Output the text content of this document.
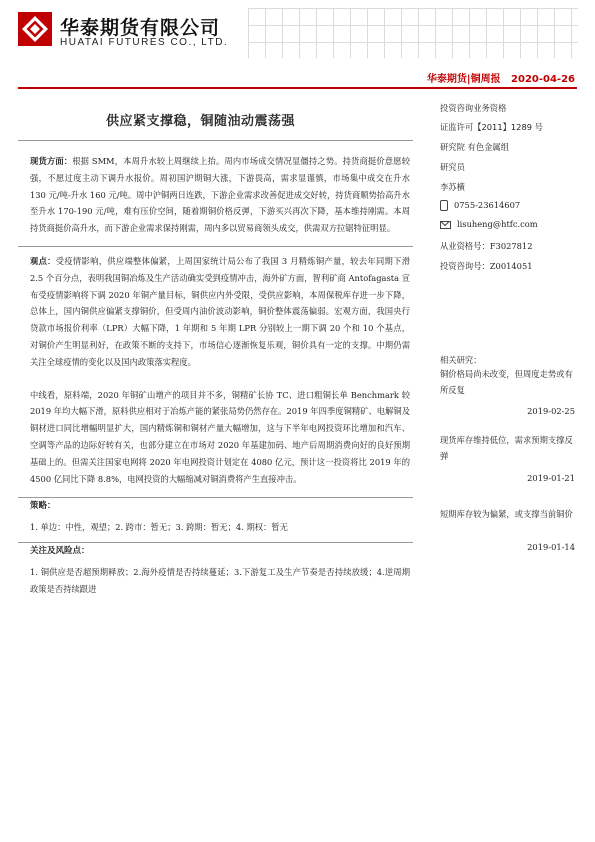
华泰期货有限公司
HUATAI FUTURES CO., LTD.
华泰期货|铜周报 2020-04-26
供应紧支撑稳，铜随油动震荡强

现货方面：根据 SMM，本周升水较上周继续上抬。周内市场成交情况显僵持之势。持货商挺价意愿较强，不愿过度主动下调升水报价。周初国沪期铜大涨，下游畏高，需求显谨慎，市场集中成交在升水 130 元/吨-升水 160 元/吨。周中沪铜两日连跌，下游企业需求改善促进成交好转，持货商顺势抬高升水至升水 170-190 元/吨，难有压价空间，随着期铜价格反弹，下游买兴再次下降，基本维持刚需。本周持货商挺价高升水，而下游企业需求保持刚需，周内多以贸易商领头成交，供需双方拉锯特征明显。

观点：受疫情影响，供应端整体偏紧，上周国家统计局公布了我国 3 月精炼铜产量，较去年同期下滑 2.5 个百分点，表明我国铜冶炼及生产活动确实受到疫情冲击，海外矿方面，智利矿商 Antofagasta 宣布受疫情影响将下调 2020 年铜产量目标，铜供应内外受限，受供应影响，本周保税库存进一步下降，总体上，国内铜供应偏紧支撑铜价，但受周内油价波动影响，铜价整体震荡偏弱。宏观方面，我国央行贷款市场报价利率（LPR）大幅下降，1 年期和 5 年期 LPR 分别较上一期下调 20 个和 10 个基点，对铜价产生明显利好，在政策不断的支持下，市场信心逐渐恢复乐观，铜价具有一定的支撑。中期仍需关注全球疫情的变化以及国内政策落实程度。

中线看，原料端，2020 年铜矿山增产的项目并不多，铜精矿长协 TC、进口粗铜长单 Benchmark 较 2019 年均大幅下滑，原料供应相对于冶炼产能的紧张局势仍然存在。2019 年四季度铜精矿、电解铜及铜材进口同比增幅明显扩大，国内精炼铜和铜材产量大幅增加，这与下半年电网投资环比增加和汽车、空调等产品的边际好转有关，也部分建立在市场对 2020 年基建加码、地产后周期消费向好的良好预期基础上的。但需关注国家电网将 2020 年电网投资计划定在 4080 亿元，预计这一投资将比 2019 年的 4500 亿同比下降 8.8%，电网投资的大幅缩减对铜消费将产生直接冲击。

策略：

1. 单边：中性，观望；2. 跨市：暂无；3. 跨期：暂无；4. 期权：暂无

关注及风险点：

1. 铜供应是否超预期释放；2.海外疫情是否持续蔓延；3.下游复工及生产节奏是否持续放缓；4.逆周期政策是否持续跟进

投资咨询业务资格
证监许可【2011】1289 号
研究院 有色金属组
研究员
李苏横
0755-23614607
lisuheng@htfc.com
从业资格号：F3027812
投资咨询号：Z0014051
相关研究：
铜价格局尚未改变，但周度走势或有所反复
2019-02-25
现货库存维持低位，需求预期支撑反弹
2019-01-21
短期库存较为偏紧，或支撑当前铜价
2019-01-14
